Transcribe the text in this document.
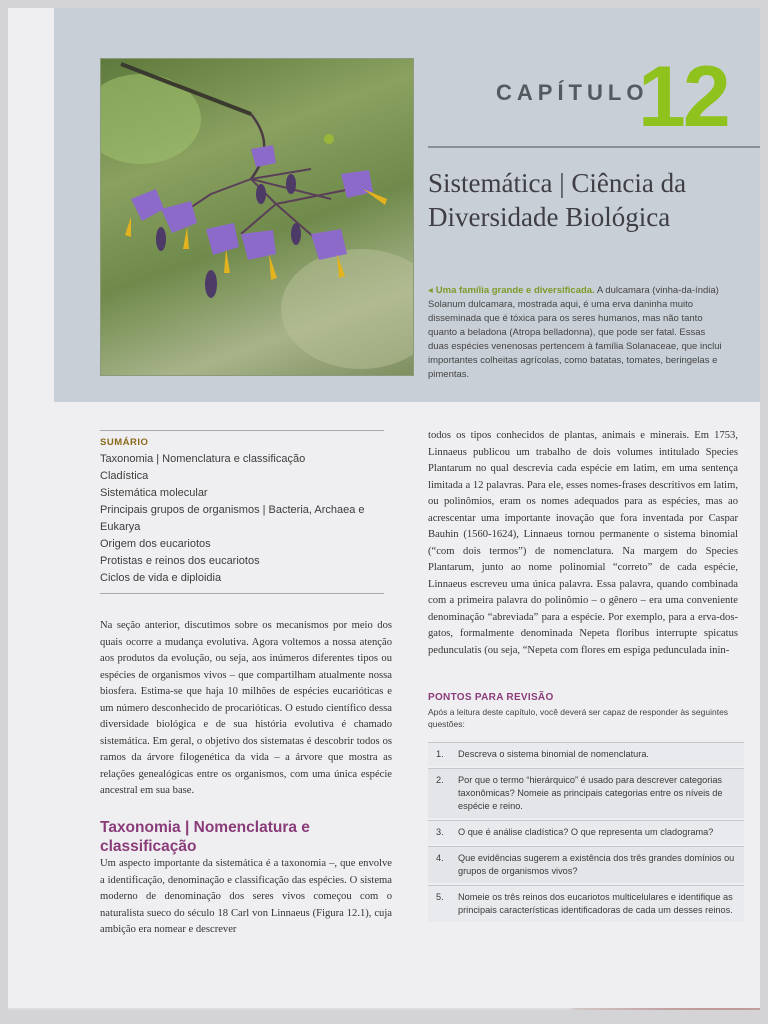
CAPÍTULO
12
Sistemática | Ciência da
Diversidade Biológica
◂ Uma família grande e diversificada. A dulcamara (vinha-da-índia) Solanum dulcamara, mostrada aqui, é uma erva daninha muito disseminada que é tóxica para os seres humanos, mas não tanto quanto a beladona (Atropa belladonna), que pode ser fatal. Essas duas espécies venenosas pertencem à família Solanaceae, que inclui importantes colheitas agrícolas, como batatas, tomates, beringelas e pimentas.
SUMÁRIO
Taxonomia | Nomenclatura e classificação
Cladística
Sistemática molecular
Principais grupos de organismos | Bacteria, Archaea e Eukarya
Origem dos eucariotos
Protistas e reinos dos eucariotos
Ciclos de vida e diploidia
Na seção anterior, discutimos sobre os mecanismos por meio dos quais ocorre a mudança evolutiva. Agora voltemos a nossa atenção aos produtos da evolução, ou seja, aos inúmeros diferentes tipos ou espécies de organismos vivos – que compartilham atualmente nossa biosfera. Estima-se que haja 10 milhões de espécies eucarióticas e um número desconhecido de procarióticas. O estudo científico dessa diversidade biológica e de sua história evolutiva é chamado sistemática. Em geral, o objetivo dos sistematas é descobrir todos os ramos da árvore filogenética da vida – a árvore que mostra as relações genealógicas entre os organismos, com uma única espécie ancestral em sua base.
Taxonomia | Nomenclatura e classificação
Um aspecto importante da sistemática é a taxonomia –, que envolve a identificação, denominação e classificação das espécies. O sistema moderno de denominação dos seres vivos começou com o naturalista sueco do século 18 Carl von Linnaeus (Figura 12.1), cuja ambição era nomear e descrever
todos os tipos conhecidos de plantas, animais e minerais. Em 1753, Linnaeus publicou um trabalho de dois volumes intitulado Species Plantarum no qual descrevia cada espécie em latim, em uma sentença limitada a 12 palavras. Para ele, esses nomes-frases descritivos em latim, ou polinômios, eram os nomes adequados para as espécies, mas ao acrescentar uma importante inovação que fora inventada por Caspar Bauhin (1560-1624), Linnaeus tornou permanente o sistema binomial (“com dois termos”) de nomenclatura. Na margem do Species Plantarum, junto ao nome polinomial “correto” de cada espécie, Linnaeus escreveu uma única palavra. Essa palavra, quando combinada com a primeira palavra do polinômio – o gênero – era uma conveniente denominação “abreviada” para a espécie. Por exemplo, para a erva-dos-gatos, formalmente denominada Nepeta floribus interrupte spicatus pedunculatis (ou seja, “Nepeta com flores em espiga pedunculada inin-
PONTOS PARA REVISÃO
Após a leitura deste capítulo, você deverá ser capaz de responder às seguintes questões:
1.	Descreva o sistema binomial de nomenclatura.
2.	Por que o termo “hierárquico” é usado para descrever categorias taxonômicas? Nomeie as principais categorias entre os níveis de espécie e reino.
3.	O que é análise cladística? O que representa um cladograma?
4.	Que evidências sugerem a existência dos três grandes domínios ou grupos de organismos vivos?
5.	Nomeie os três reinos dos eucariotos multicelulares e identifique as principais características identificadoras de cada um desses reinos.
